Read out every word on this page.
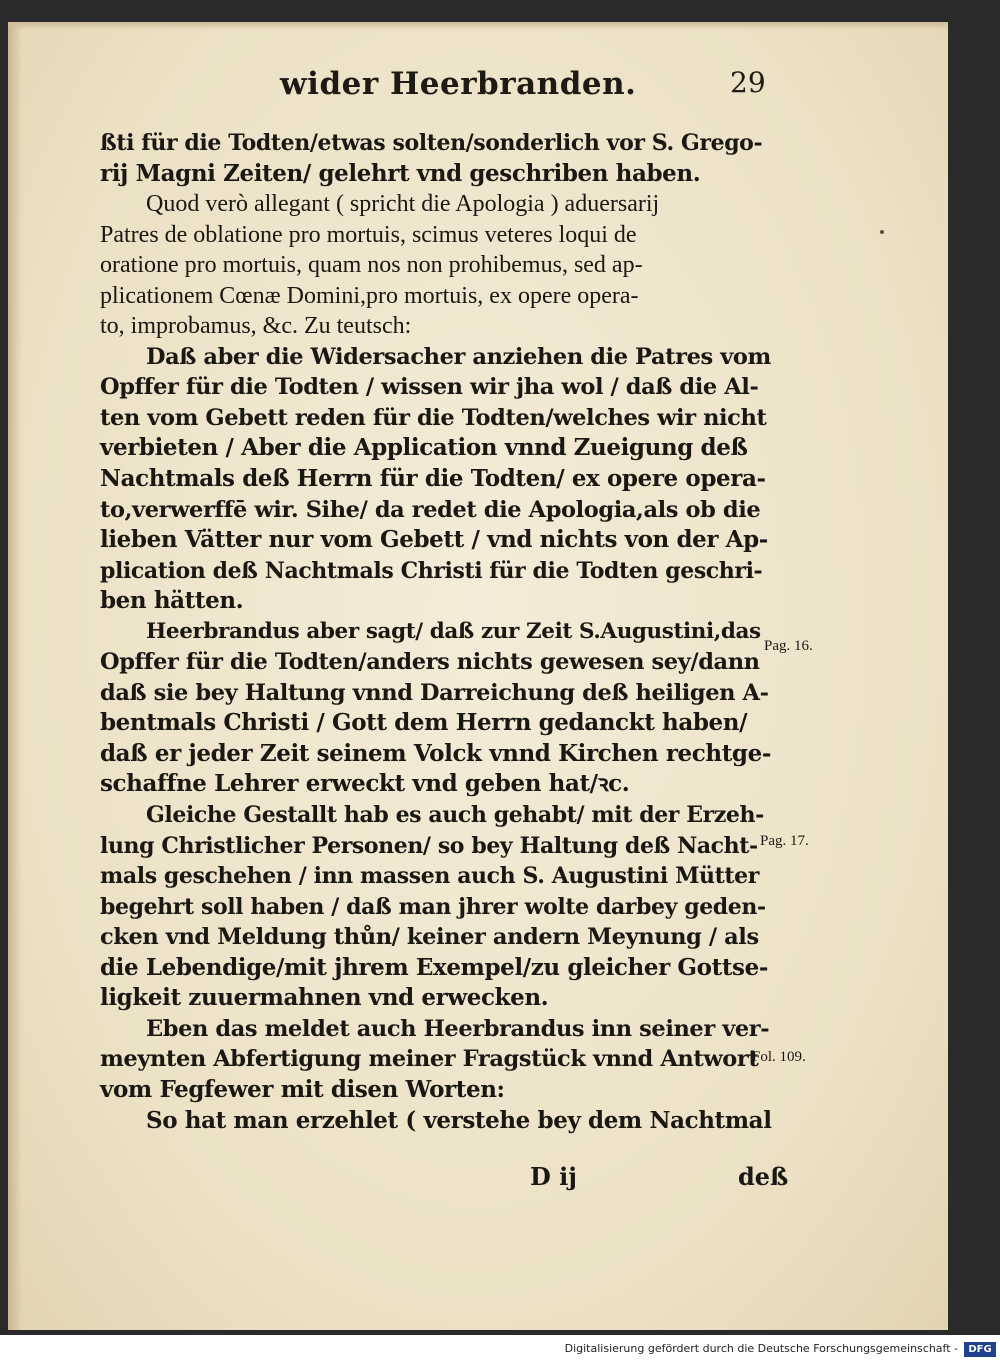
wider Heerbranden.	29
ßti für die Todten/etwas solten/sonderlich vor S. Grego-
rij Magni Zeiten/ gelehrt vnd geschriben haben.
Quod verò allegant ( spricht die Apologia ) aduersarij
Patres de oblatione pro mortuis, scimus veteres loqui de
oratione pro mortuis, quam nos non prohibemus, sed ap-
plicationem Cœnæ Domini,pro mortuis, ex opere opera-
to, improbamus, &c. Zu teutsch:
Daß aber die Widersacher anziehen die Patres vom
Opffer für die Todten / wissen wir jha wol / daß die Al-
ten vom Gebett reden für die Todten/welches wir nicht
verbieten / Aber die Application vnnd Zueigung deß
Nachtmals deß Herrn für die Todten/ ex opere opera-
to,verwerffē wir. Sihe/ da redet die Apologia,als ob die
lieben Vätter nur vom Gebett / vnd nichts von der Ap-
plication deß Nachtmals Christi für die Todten geschri-
ben hätten.
Heerbrandus aber sagt/ daß zur Zeit S.Augustini,das
Opffer für die Todten/anders nichts gewesen sey/dann
daß sie bey Haltung vnnd Darreichung deß heiligen A-
bentmals Christi / Gott dem Herrn gedanckt haben/
daß er jeder Zeit seinem Volck vnnd Kirchen rechtge-
schaffne Lehrer erweckt vnd geben hat/ꝛc.
Gleiche Gestallt hab es auch gehabt/ mit der Erzeh-
lung Christlicher Personen/ so bey Haltung deß Nacht-
mals geschehen / inn massen auch S. Augustini Mütter
begehrt soll haben / daß man jhrer wolte darbey geden-
cken vnd Meldung thůn/ keiner andern Meynung / als
die Lebendige/mit jhrem Exempel/zu gleicher Gottse-
ligkeit zuuermahnen vnd erwecken.
Eben das meldet auch Heerbrandus inn seiner ver-
meynten Abfertigung meiner Fragstück vnnd Antwort
vom Fegfewer mit disen Worten:
So hat man erzehlet ( verstehe bey dem Nachtmal
Pag. 16.
Pag. 17.
Fol. 109.
D ij	deß
Digitalisierung gefördert durch die Deutsche Forschungsgemeinschaft -	DFG
